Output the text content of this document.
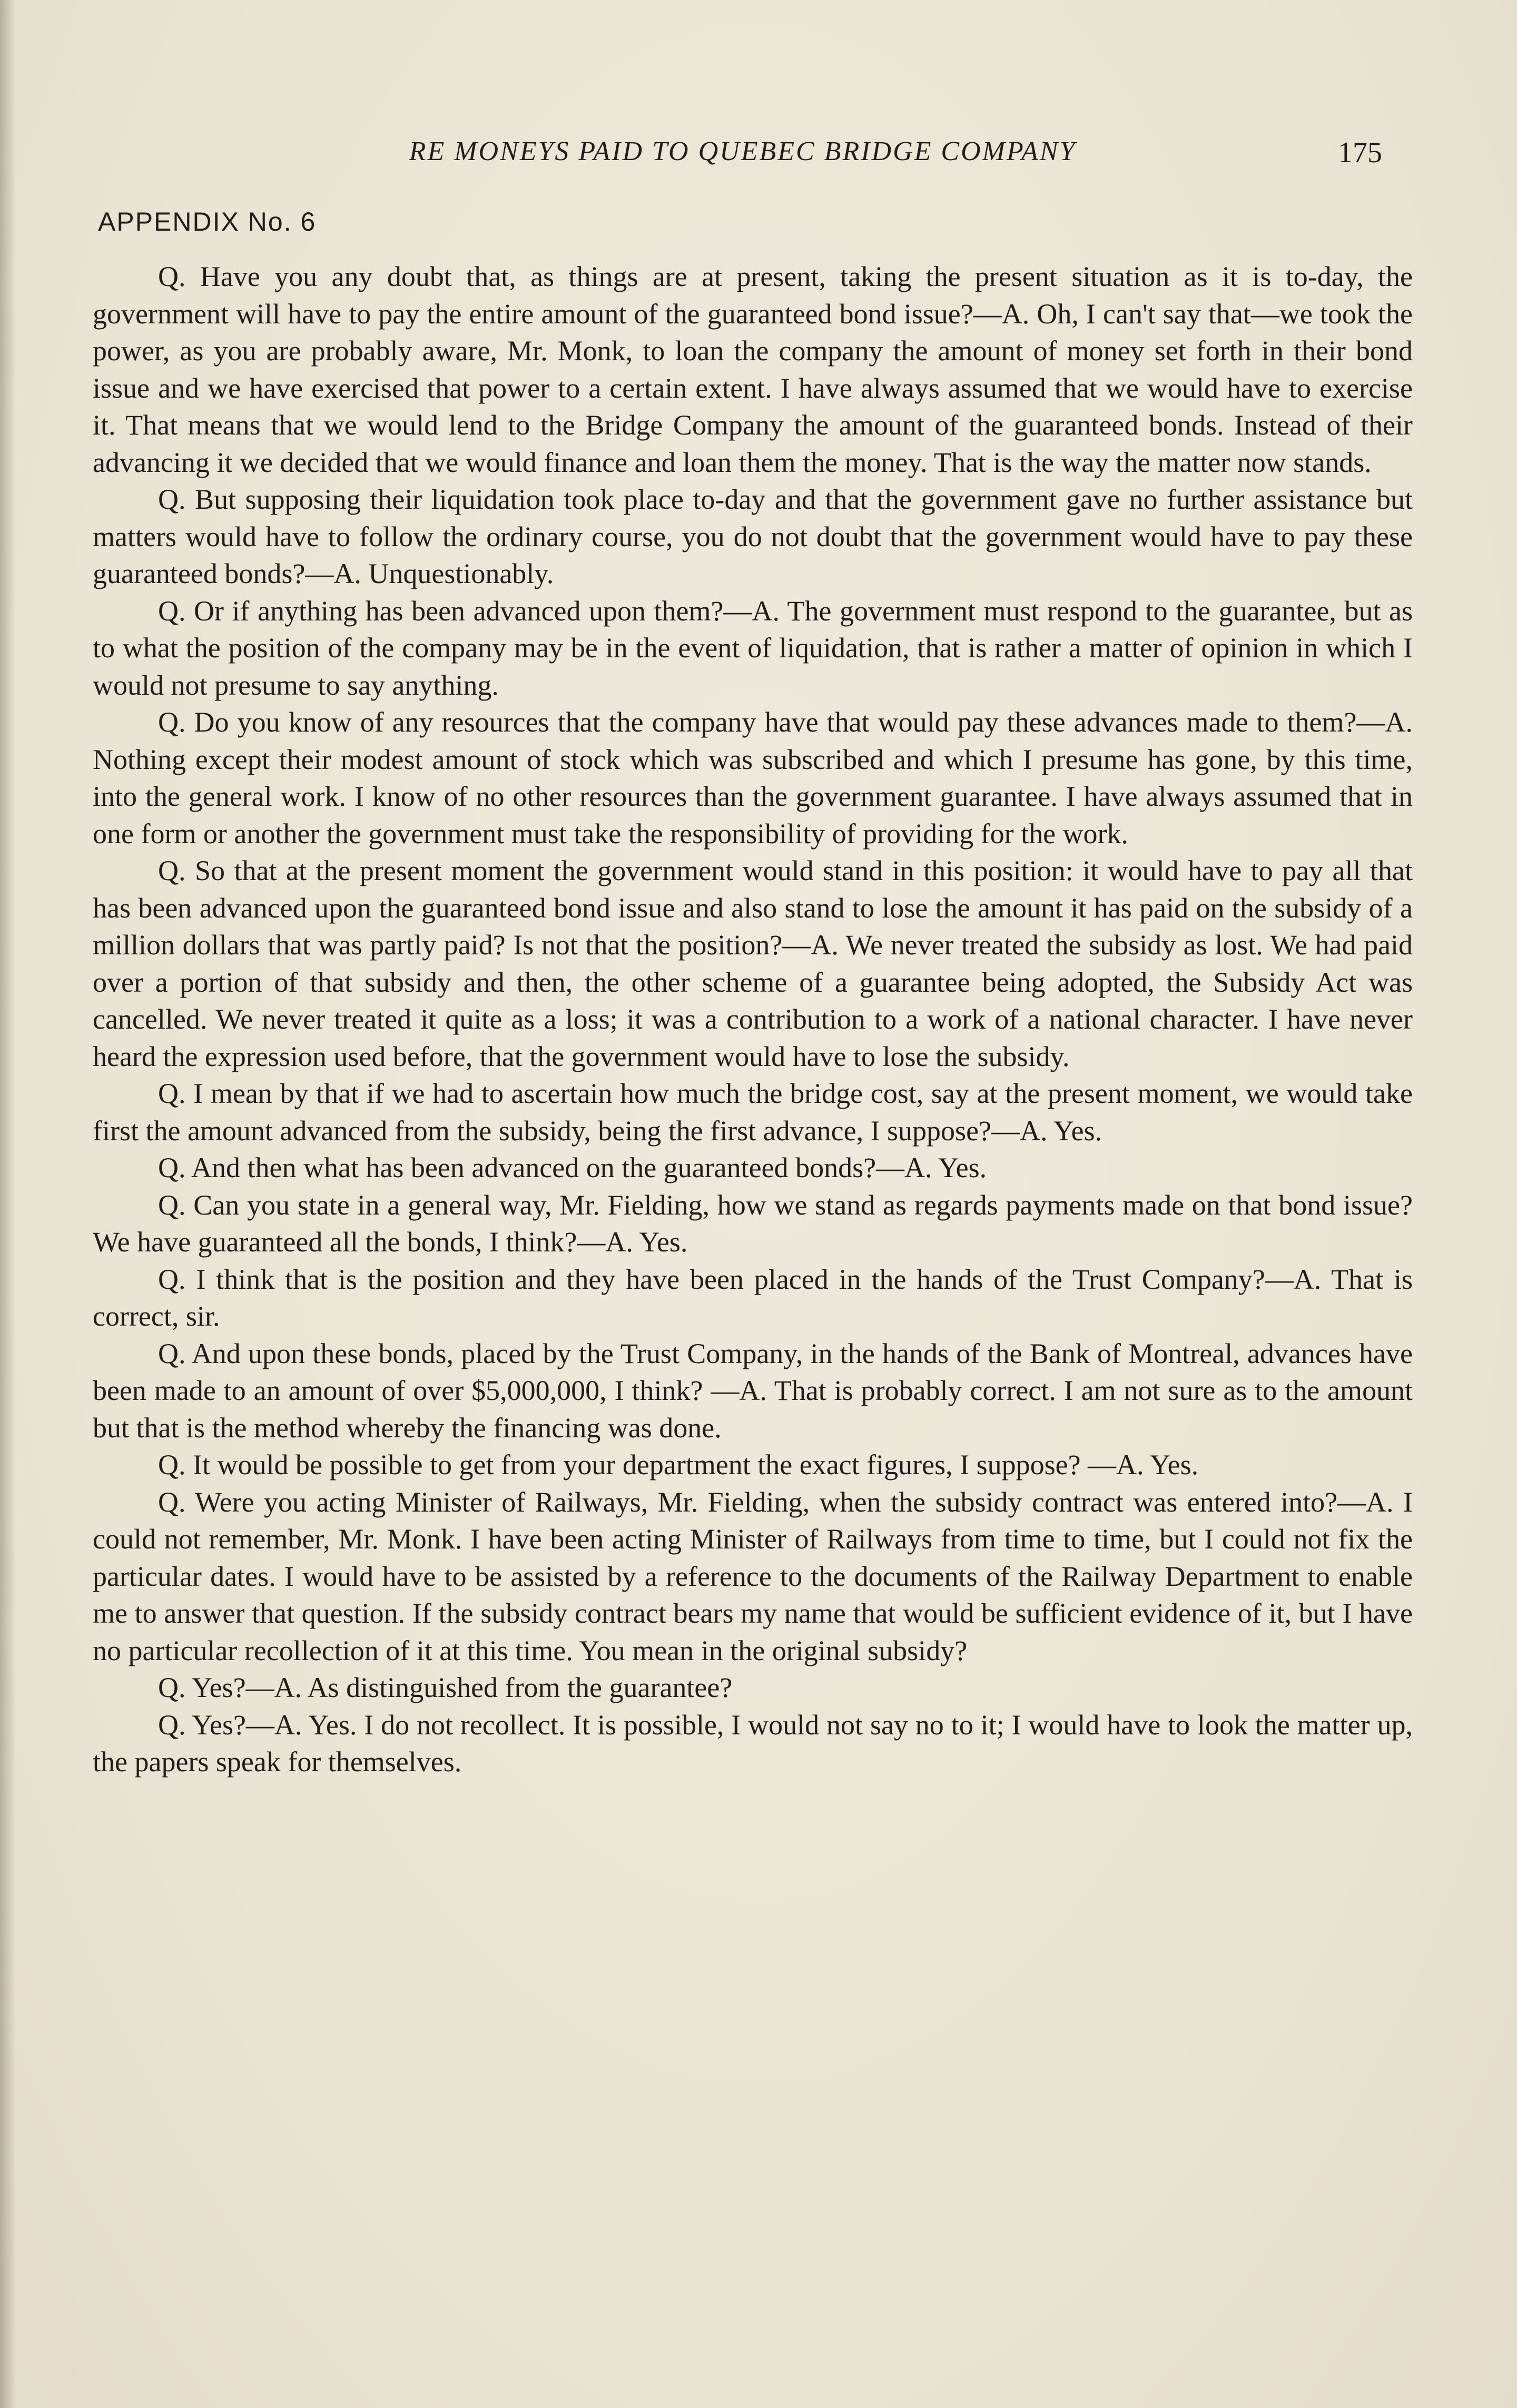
RE MONEYS PAID TO QUEBEC BRIDGE COMPANY	175
APPENDIX No. 6

Q. Have you any doubt that, as things are at present, taking the present situation as it is to-day, the government will have to pay the entire amount of the guaranteed bond issue?—A. Oh, I can't say that—we took the power, as you are probably aware, Mr. Monk, to loan the company the amount of money set forth in their bond issue and we have exercised that power to a certain extent. I have always assumed that we would have to exercise it. That means that we would lend to the Bridge Company the amount of the guaranteed bonds. Instead of their advancing it we decided that we would finance and loan them the money. That is the way the matter now stands.

Q. But supposing their liquidation took place to-day and that the government gave no further assistance but matters would have to follow the ordinary course, you do not doubt that the government would have to pay these guaranteed bonds?—A. Unquestionably.

Q. Or if anything has been advanced upon them?—A. The government must respond to the guarantee, but as to what the position of the company may be in the event of liquidation, that is rather a matter of opinion in which I would not presume to say anything.

Q. Do you know of any resources that the company have that would pay these advances made to them?—A. Nothing except their modest amount of stock which was subscribed and which I presume has gone, by this time, into the general work. I know of no other resources than the government guarantee. I have always assumed that in one form or another the government must take the responsibility of providing for the work.

Q. So that at the present moment the government would stand in this position: it would have to pay all that has been advanced upon the guaranteed bond issue and also stand to lose the amount it has paid on the subsidy of a million dollars that was partly paid? Is not that the position?—A. We never treated the subsidy as lost. We had paid over a portion of that subsidy and then, the other scheme of a guarantee being adopted, the Subsidy Act was cancelled. We never treated it quite as a loss; it was a contribution to a work of a national character. I have never heard the expression used before, that the government would have to lose the subsidy.

Q. I mean by that if we had to ascertain how much the bridge cost, say at the present moment, we would take first the amount advanced from the subsidy, being the first advance, I suppose?—A. Yes.

Q. And then what has been advanced on the guaranteed bonds?—A. Yes.

Q. Can you state in a general way, Mr. Fielding, how we stand as regards payments made on that bond issue? We have guaranteed all the bonds, I think?—A. Yes.

Q. I think that is the position and they have been placed in the hands of the Trust Company?—A. That is correct, sir.

Q. And upon these bonds, placed by the Trust Company, in the hands of the Bank of Montreal, advances have been made to an amount of over $5,000,000, I think? —A. That is probably correct. I am not sure as to the amount but that is the method whereby the financing was done.

Q. It would be possible to get from your department the exact figures, I suppose? —A. Yes.

Q. Were you acting Minister of Railways, Mr. Fielding, when the subsidy contract was entered into?—A. I could not remember, Mr. Monk. I have been acting Minister of Railways from time to time, but I could not fix the particular dates. I would have to be assisted by a reference to the documents of the Railway Department to enable me to answer that question. If the subsidy contract bears my name that would be sufficient evidence of it, but I have no particular recollection of it at this time. You mean in the original subsidy?

Q. Yes?—A. As distinguished from the guarantee?

Q. Yes?—A. Yes. I do not recollect. It is possible, I would not say no to it; I would have to look the matter up, the papers speak for themselves.
